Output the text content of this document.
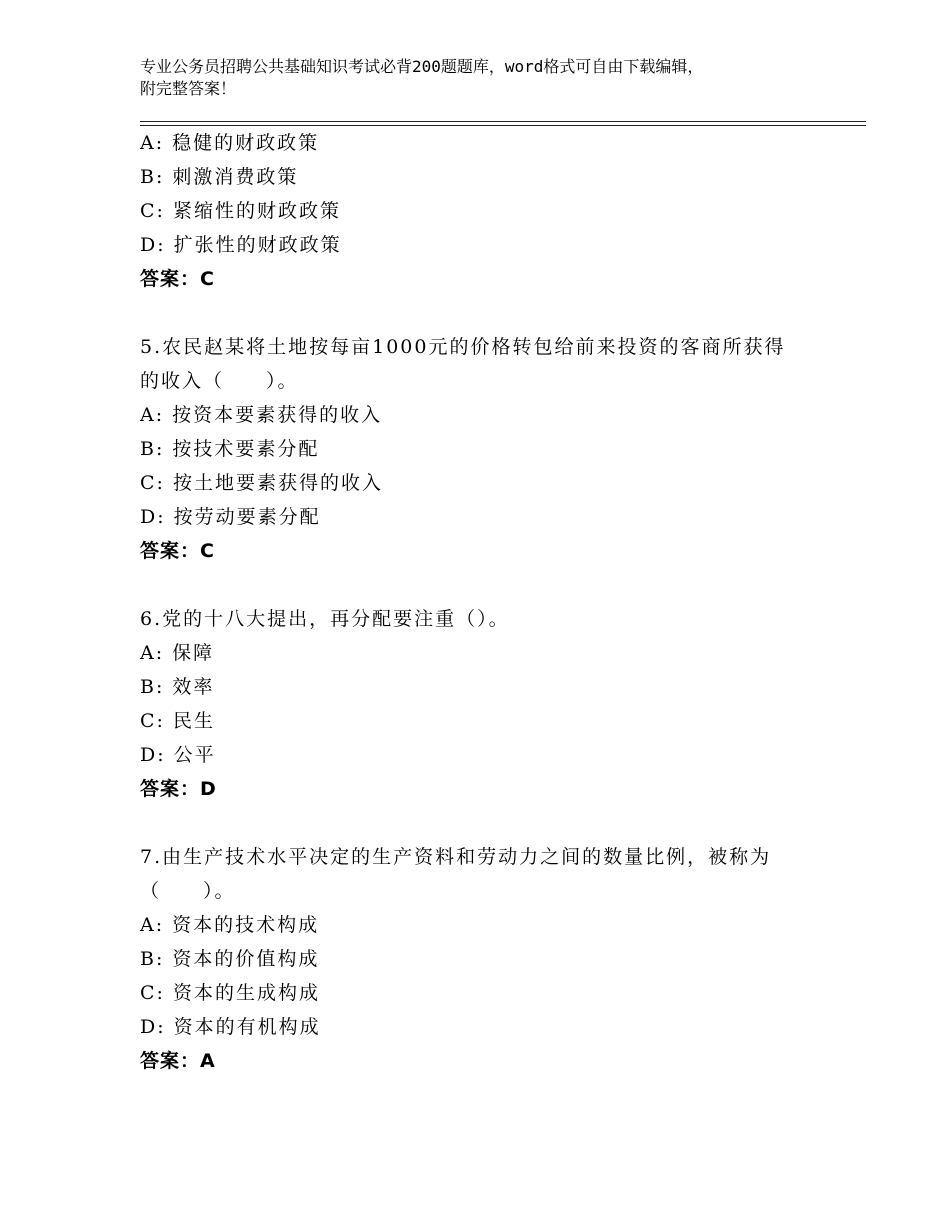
专业公务员招聘公共基础知识考试必背200题题库，word格式可自由下载编辑，
附完整答案！
A: 稳健的财政政策
B: 刺激消费政策
C: 紧缩性的财政政策
D: 扩张性的财政政策
答案：C
5.农民赵某将土地按每亩1000元的价格转包给前来投资的客商所获得
的收入（　　）。
A: 按资本要素获得的收入
B: 按技术要素分配
C: 按土地要素获得的收入
D: 按劳动要素分配
答案：C
6.党的十八大提出，再分配要注重（）。
A: 保障
B: 效率
C: 民生
D: 公平
答案：D
7.由生产技术水平决定的生产资料和劳动力之间的数量比例，被称为
（　　）。
A: 资本的技术构成
B: 资本的价值构成
C: 资本的生成构成
D: 资本的有机构成
答案：A
